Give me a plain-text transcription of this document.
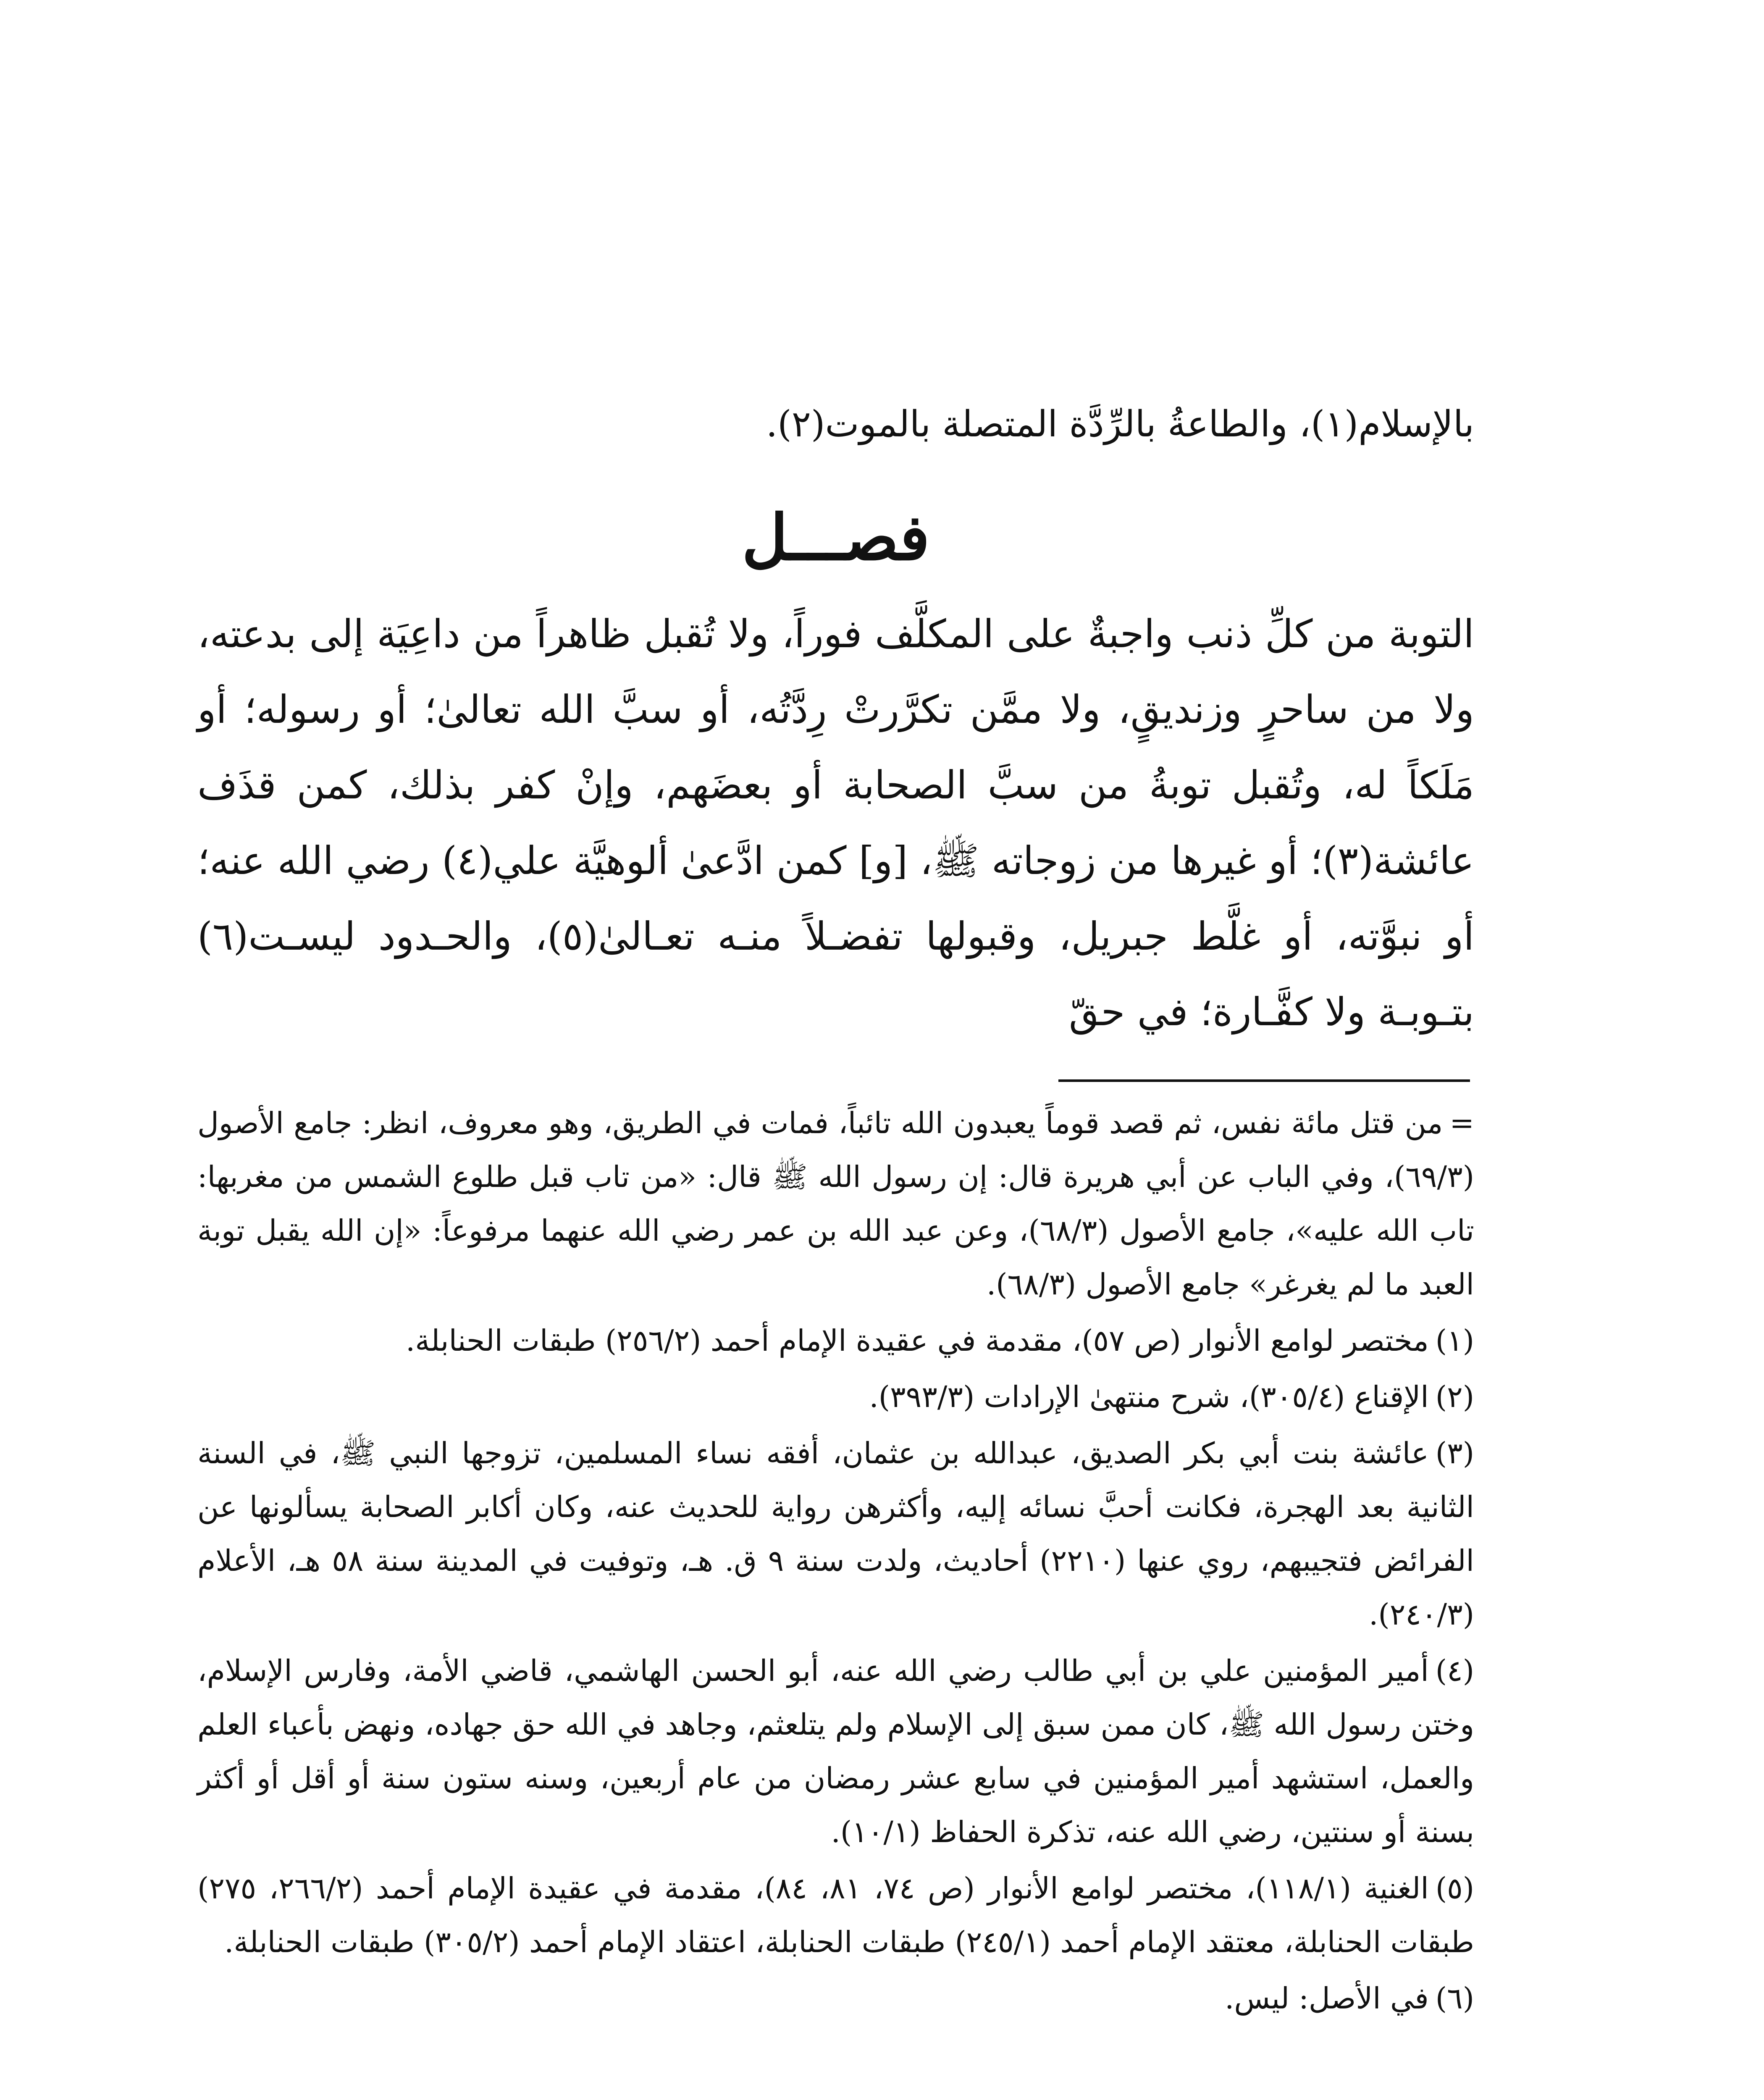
بالإسلام(١)، والطاعةُ بالرِّدَّة المتصلة بالموت(٢).

فصـــل

التوبة من كلِّ ذنب واجبةٌ على المكلَّف فوراً، ولا تُقبل ظاهراً من داعِيَة إلى بدعته، ولا من ساحرٍ وزنديقٍ، ولا ممَّن تكرَّرتْ رِدَّتُه، أو سبَّ الله تعالىٰ؛ أو رسوله؛ أو مَلَكاً له، وتُقبل توبةُ من سبَّ الصحابة أو بعضَهم، وإنْ كفر بذلك، كمن قذَف عائشة(٣)؛ أو غيرها من زوجاته ﷺ، [و] كمن ادَّعىٰ ألوهيَّة علي(٤) رضي الله عنه؛ أو نبوَّته، أو غلَّط جبريل، وقبولها تفضـلاً منـه تعـالىٰ(٥)، والحـدود ليسـت(٦) بتـوبـة ولا كفَّـارة؛ في حقّ

=من قتل مائة نفس، ثم قصد قوماً يعبدون الله تائباً، فمات في الطريق، وهو معروف، انظر: جامع الأصول (٦٩/٣)، وفي الباب عن أبي هريرة قال: إن رسول الله ﷺ قال: «من تاب قبل طلوع الشمس من مغربها: تاب الله عليه»، جامع الأصول (٦٨/٣)، وعن عبد الله بن عمر رضي الله عنهما مرفوعاً: «إن الله يقبل توبة العبد ما لم يغرغر» جامع الأصول (٦٨/٣).

(١)مختصر لوامع الأنوار (ص ٥٧)، مقدمة في عقيدة الإمام أحمد (٢٥٦/٢) طبقات الحنابلة.

(٢)الإقناع (٣٠٥/٤)، شرح منتهىٰ الإرادات (٣٩٣/٣).

(٣)عائشة بنت أبي بكر الصديق، عبدالله بن عثمان، أفقه نساء المسلمين، تزوجها النبي ﷺ، في السنة الثانية بعد الهجرة، فكانت أحبَّ نسائه إليه، وأكثرهن رواية للحديث عنه، وكان أكابر الصحابة يسألونها عن الفرائض فتجيبهم، روي عنها (٢٢١٠) أحاديث، ولدت سنة ٩ ق. هـ، وتوفيت في المدينة سنة ٥٨ هـ، الأعلام (٢٤٠/٣).

(٤)أمير المؤمنين علي بن أبي طالب رضي الله عنه، أبو الحسن الهاشمي، قاضي الأمة، وفارس الإسلام، وختن رسول الله ﷺ، كان ممن سبق إلى الإسلام ولم يتلعثم، وجاهد في الله حق جهاده، ونهض بأعباء العلم والعمل، استشهد أمير المؤمنين في سابع عشر رمضان من عام أربعين، وسنه ستون سنة أو أقل أو أكثر بسنة أو سنتين، رضي الله عنه، تذكرة الحفاظ (١٠/١).

(٥)الغنية (١١٨/١)، مختصر لوامع الأنوار (ص ٧٤، ٨١، ٨٤)، مقدمة في عقيدة الإمام أحمد (٢٦٦/٢، ٢٧٥) طبقات الحنابلة، معتقد الإمام أحمد (٢٤٥/١) طبقات الحنابلة، اعتقاد الإمام أحمد (٣٠٥/٢) طبقات الحنابلة.

(٦)في الأصل: ليس.
